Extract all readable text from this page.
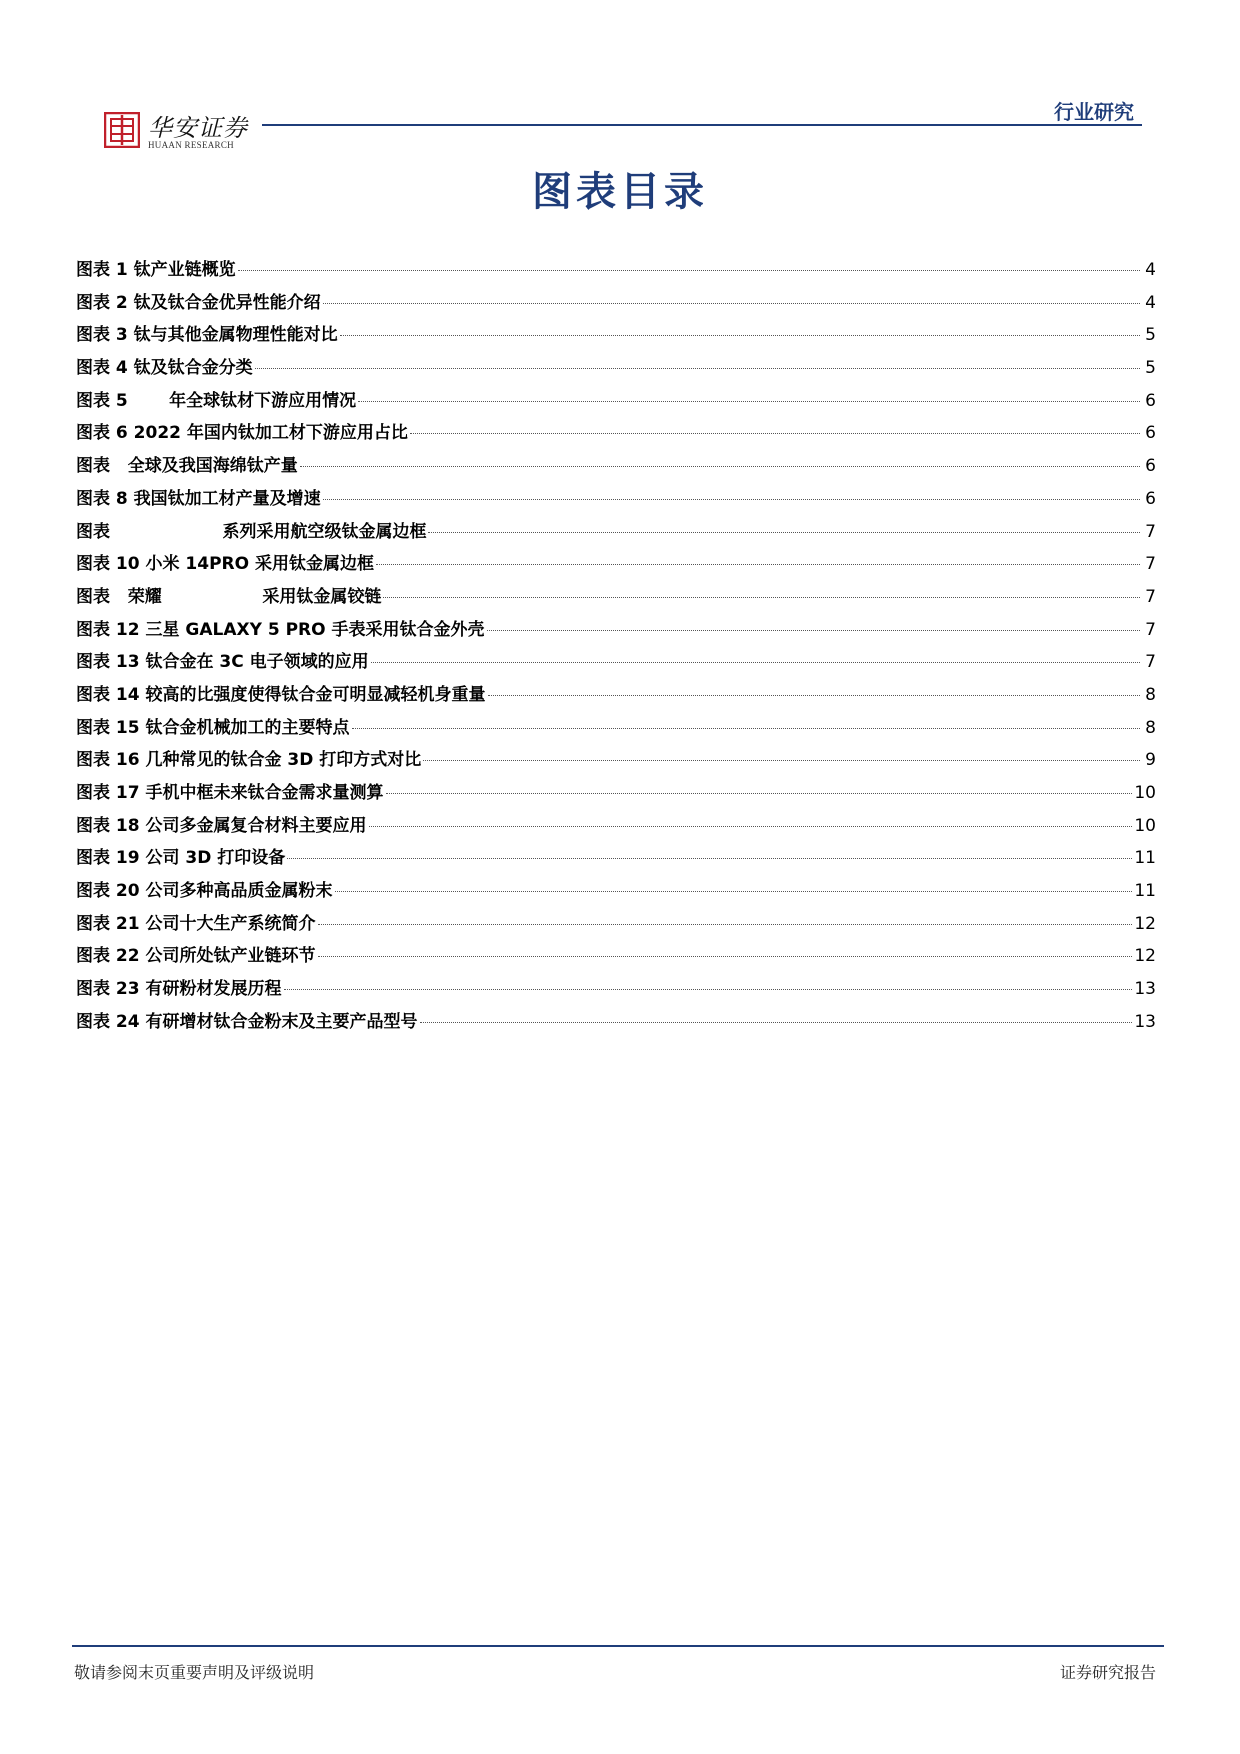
华安证券
HUAAN RESEARCH
行业研究
图表目录
图表 1 钛产业链概览	4
图表 2 钛及钛合金优异性能介绍	4
图表 3 钛与其他金属物理性能对比	5
图表 4 钛及钛合金分类	5
图表 5       年全球钛材下游应用情况	6
图表 6 2022 年国内钛加工材下游应用占比	6
图表   全球及我国海绵钛产量	6
图表 8 我国钛加工材产量及增速	6
图表                   系列采用航空级钛金属边框	7
图表 10 小米 14PRO 采用钛金属边框	7
图表   荣耀                 采用钛金属铰链	7
图表 12 三星 GALAXY 5 PRO 手表采用钛合金外壳	7
图表 13 钛合金在 3C 电子领域的应用	7
图表 14 较高的比强度使得钛合金可明显减轻机身重量	8
图表 15 钛合金机械加工的主要特点	8
图表 16 几种常见的钛合金 3D 打印方式对比	9
图表 17 手机中框未来钛合金需求量测算	10
图表 18 公司多金属复合材料主要应用	10
图表 19 公司 3D 打印设备	11
图表 20 公司多种高品质金属粉末	11
图表 21 公司十大生产系统简介	12
图表 22 公司所处钛产业链环节	12
图表 23 有研粉材发展历程	13
图表 24 有研增材钛合金粉末及主要产品型号	13
敬请参阅末页重要声明及评级说明	证券研究报告
